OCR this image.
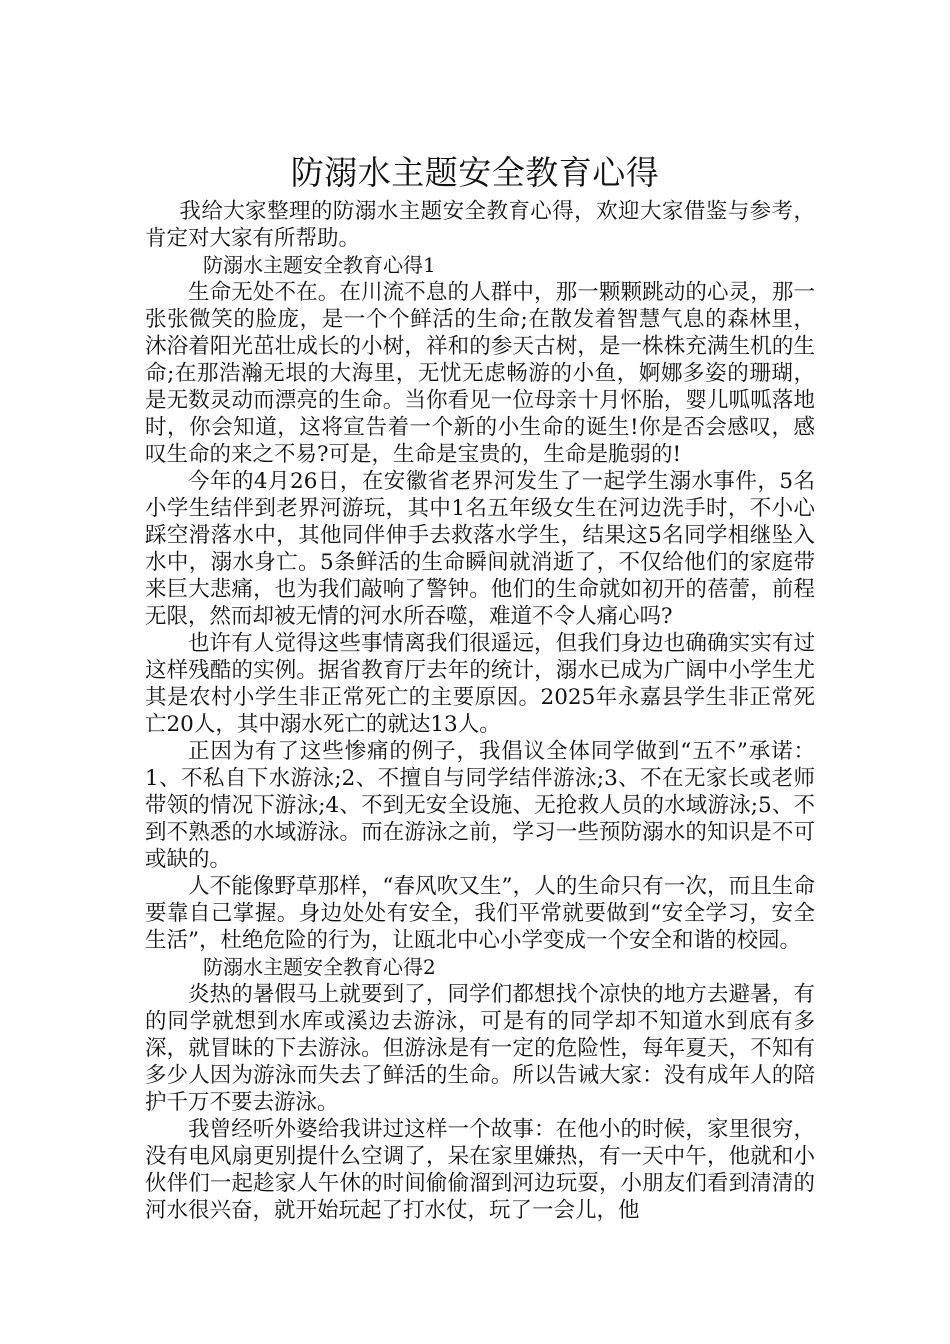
防溺水主题安全教育心得

我给大家整理的防溺水主题安全教育心得，欢迎大家借鉴与参考，肯定对大家有所帮助。

防溺水主题安全教育心得1

生命无处不在。在川流不息的人群中，那一颗颗跳动的心灵，那一张张微笑的脸庞，是一个个鲜活的生命;在散发着智慧气息的森林里，沐浴着阳光茁壮成长的小树，祥和的参天古树，是一株株充满生机的生命;在那浩瀚无垠的大海里，无忧无虑畅游的小鱼，婀娜多姿的珊瑚，是无数灵动而漂亮的生命。当你看见一位母亲十月怀胎，婴儿呱呱落地时，你会知道，这将宣告着一个新的小生命的诞生!你是否会感叹，感叹生命的来之不易?可是，生命是宝贵的，生命是脆弱的!

今年的4月26日，在安徽省老界河发生了一起学生溺水事件，5名小学生结伴到老界河游玩，其中1名五年级女生在河边洗手时，不小心踩空滑落水中，其他同伴伸手去救落水学生，结果这5名同学相继坠入水中，溺水身亡。5条鲜活的生命瞬间就消逝了，不仅给他们的家庭带来巨大悲痛，也为我们敲响了警钟。他们的生命就如初开的蓓蕾，前程无限，然而却被无情的河水所吞噬，难道不令人痛心吗?

也许有人觉得这些事情离我们很遥远，但我们身边也确确实实有过这样残酷的实例。据省教育厅去年的统计，溺水已成为广阔中小学生尤其是农村小学生非正常死亡的主要原因。2025年永嘉县学生非正常死亡20人，其中溺水死亡的就达13人。

正因为有了这些惨痛的例子，我倡议全体同学做到“五不”承诺：1、不私自下水游泳;2、不擅自与同学结伴游泳;3、不在无家长或老师带领的情况下游泳;4、不到无安全设施、无抢救人员的水域游泳;5、不到不熟悉的水域游泳。而在游泳之前，学习一些预防溺水的知识是不可或缺的。

人不能像野草那样，“春风吹又生”，人的生命只有一次，而且生命要靠自己掌握。身边处处有安全，我们平常就要做到“安全学习，安全生活”，杜绝危险的行为，让瓯北中心小学变成一个安全和谐的校园。

防溺水主题安全教育心得2

炎热的暑假马上就要到了，同学们都想找个凉快的地方去避暑，有的同学就想到水库或溪边去游泳，可是有的同学却不知道水到底有多深，就冒昧的下去游泳。但游泳是有一定的危险性，每年夏天，不知有多少人因为游泳而失去了鲜活的生命。所以告诫大家：没有成年人的陪护千万不要去游泳。

我曾经听外婆给我讲过这样一个故事：在他小的时候，家里很穷，没有电风扇更别提什么空调了，呆在家里嫌热，有一天中午，他就和小伙伴们一起趁家人午休的时间偷偷溜到河边玩耍，小朋友们看到清清的河水很兴奋，就开始玩起了打水仗，玩了一会儿，他
